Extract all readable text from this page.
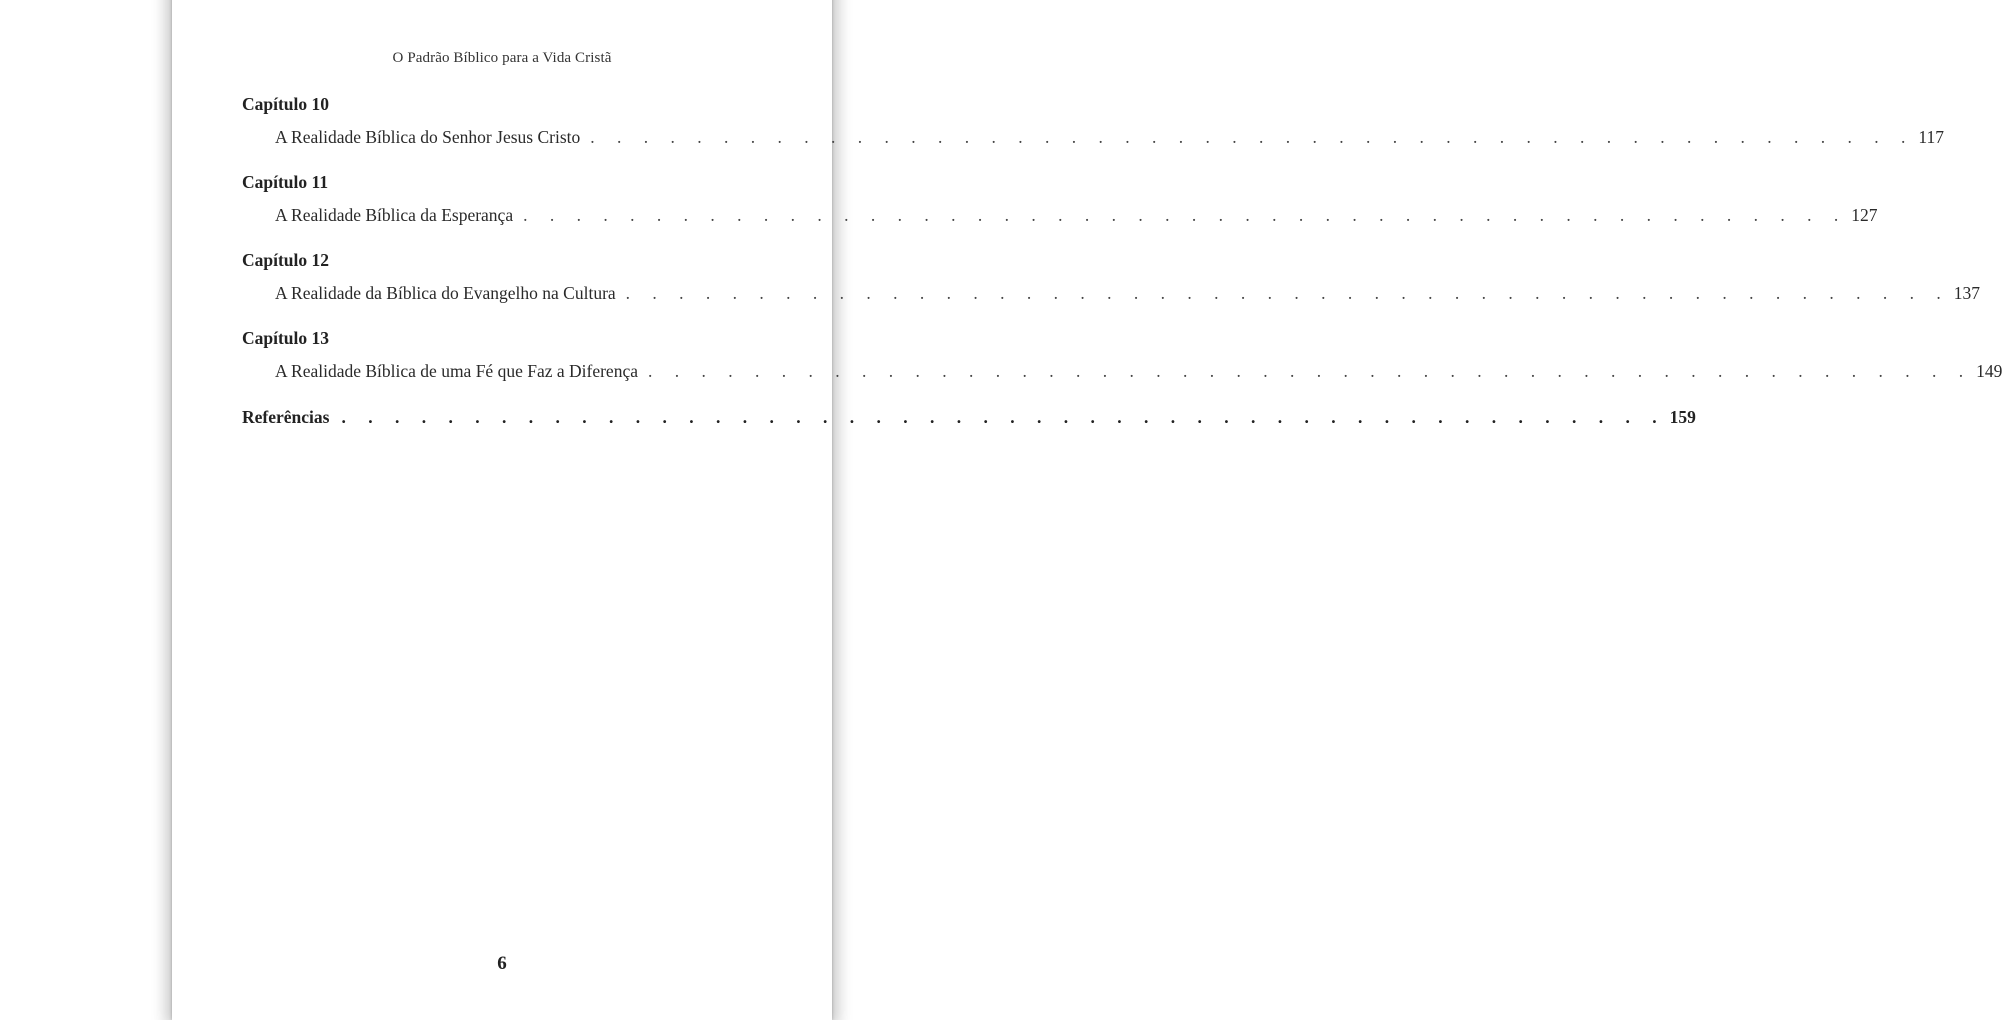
O Padrão Bíblico para a Vida Cristã
Capítulo 10
A Realidade Bíblica do Senhor Jesus Cristo . . . . . . . . . . . . . . . . . . . . . . . . . . . . . . . . . . . . . . . . . . . . . . . . . . 117
Capítulo 11
A Realidade Bíblica da Esperança . . . . . . . . . . . . . . . . . . . . . . . . . . . . . . . . . . . . . . . . . . . . . . . . . . 127
Capítulo 12
A Realidade da Bíblica do Evangelho na Cultura . . . . . . . . . . . . . . . . . . . . . . . . . . . . . . . . . . . . . . . . . . . . . . . . . . 137
Capítulo 13
A Realidade Bíblica de uma Fé que Faz a Diferença . . . . . . . . . . . . . . . . . . . . . . . . . . . . . . . . . . . . . . . . . . . . . . . . . . 149
Referências . . . . . . . . . . . . . . . . . . . . . . . . . . . . . . . . . . . . . . . . . . . . . . . . . . 159
6
